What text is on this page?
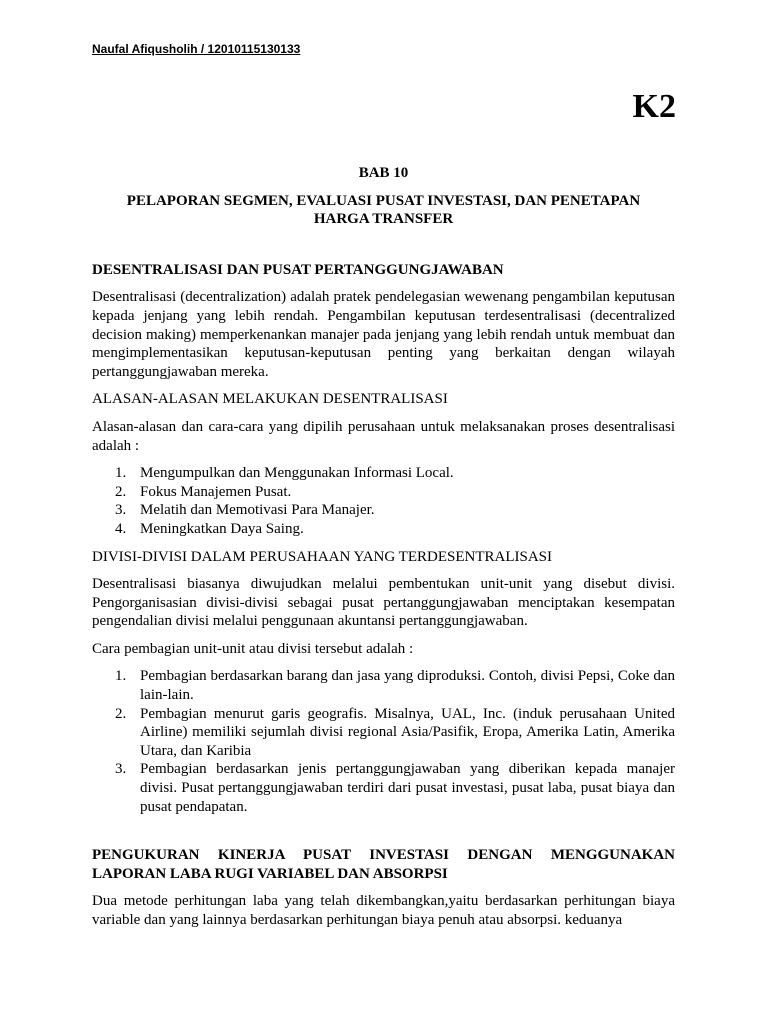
Naufal Afiqusholih / 12010115130133
K2

BAB 10

PELAPORAN SEGMEN, EVALUASI PUSAT INVESTASI, DAN PENETAPAN HARGA TRANSFER

DESENTRALISASI DAN PUSAT PERTANGGUNGJAWABAN

Desentralisasi (decentralization) adalah pratek pendelegasian wewenang pengambilan keputusan kepada jenjang yang lebih rendah. Pengambilan keputusan terdesentralisasi (decentralized decision making) memperkenankan manajer pada jenjang yang lebih rendah untuk membuat dan mengimplementasikan keputusan-keputusan penting yang berkaitan dengan wilayah pertanggungjawaban mereka.

ALASAN-ALASAN MELAKUKAN DESENTRALISASI

Alasan-alasan dan cara-cara yang dipilih perusahaan untuk melaksanakan proses desentralisasi adalah :

1. Mengumpulkan dan Menggunakan Informasi Local.
2. Fokus Manajemen Pusat.
3. Melatih dan Memotivasi Para Manajer.
4. Meningkatkan Daya Saing.

DIVISI-DIVISI DALAM PERUSAHAAN YANG TERDESENTRALISASI

Desentralisasi biasanya diwujudkan melalui pembentukan unit-unit yang disebut divisi. Pengorganisasian divisi-divisi sebagai pusat pertanggungjawaban menciptakan kesempatan pengendalian divisi melalui penggunaan akuntansi pertanggungjawaban.

Cara pembagian unit-unit atau divisi tersebut adalah :

1. Pembagian berdasarkan barang dan jasa yang diproduksi. Contoh, divisi Pepsi, Coke dan lain-lain.
2. Pembagian menurut garis geografis. Misalnya, UAL, Inc. (induk perusahaan United Airline) memiliki sejumlah divisi regional Asia/Pasifik, Eropa, Amerika Latin, Amerika Utara, dan Karibia
3. Pembagian berdasarkan jenis pertanggungjawaban yang diberikan kepada manajer divisi. Pusat pertanggungjawaban terdiri dari pusat investasi, pusat laba, pusat biaya dan pusat pendapatan.

PENGUKURAN KINERJA PUSAT INVESTASI DENGAN MENGGUNAKAN LAPORAN LABA RUGI VARIABEL DAN ABSORPSI

Dua metode perhitungan laba yang telah dikembangkan,yaitu berdasarkan perhitungan biaya variable dan yang lainnya berdasarkan perhitungan biaya penuh atau absorpsi. keduanya
